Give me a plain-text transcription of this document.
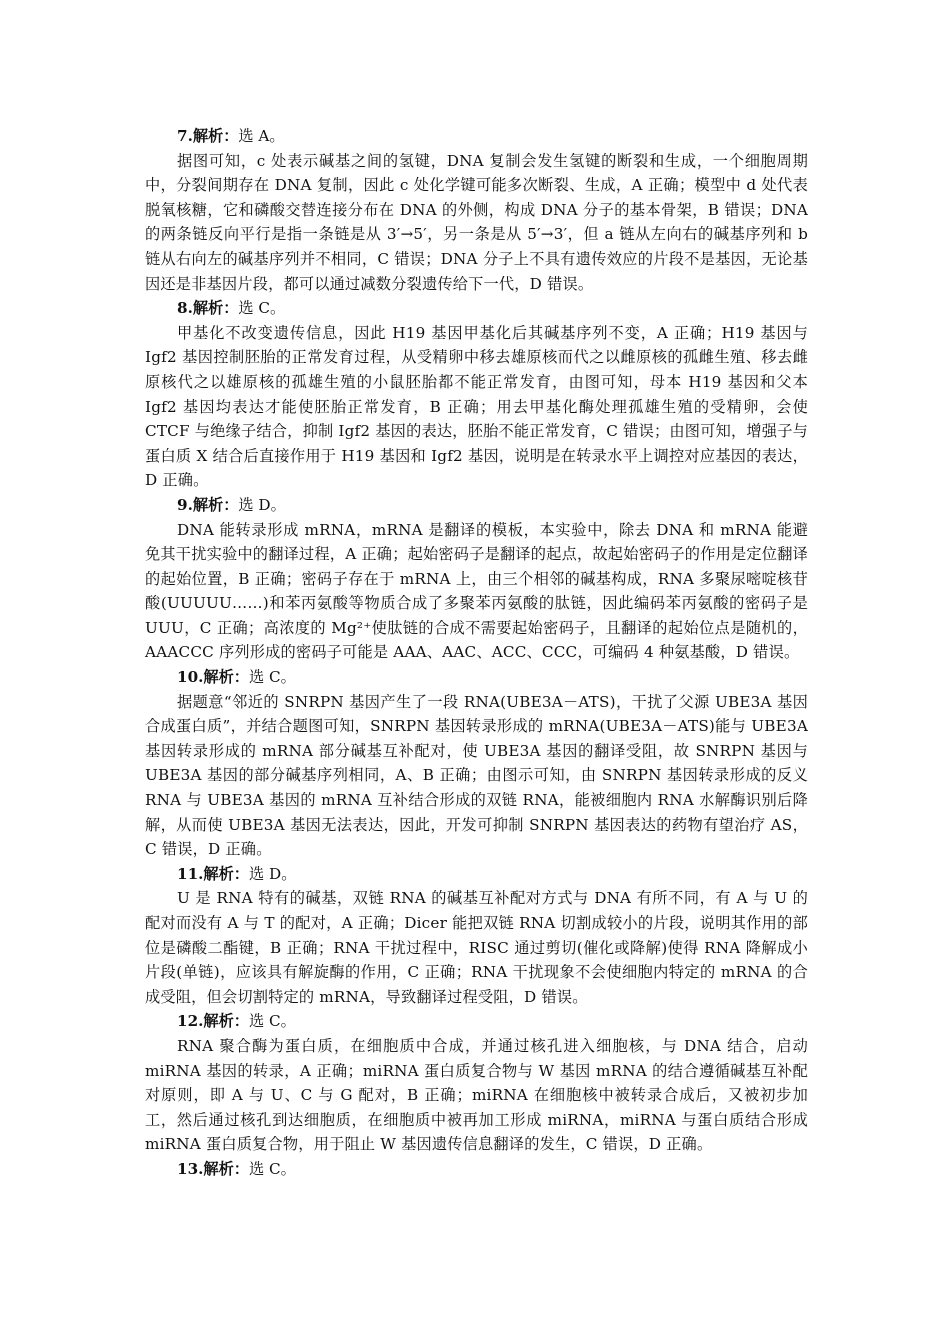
7.解析：选 A。

据图可知，c 处表示碱基之间的氢键，DNA 复制会发生氢键的断裂和生成，一个细胞周期中，分裂间期存在 DNA 复制，因此 c 处化学键可能多次断裂、生成，A 正确；模型中 d 处代表脱氧核糖，它和磷酸交替连接分布在 DNA 的外侧，构成 DNA 分子的基本骨架，B 错误；DNA 的两条链反向平行是指一条链是从 3′→5′，另一条是从 5′→3′，但 a 链从左向右的碱基序列和 b 链从右向左的碱基序列并不相同，C 错误；DNA 分子上不具有遗传效应的片段不是基因，无论基因还是非基因片段，都可以通过减数分裂遗传给下一代，D 错误。

8.解析：选 C。

甲基化不改变遗传信息，因此 H19 基因甲基化后其碱基序列不变，A 正确；H19 基因与 Igf2 基因控制胚胎的正常发育过程，从受精卵中移去雄原核而代之以雌原核的孤雌生殖、移去雌原核代之以雄原核的孤雄生殖的小鼠胚胎都不能正常发育，由图可知，母本 H19 基因和父本 Igf2 基因均表达才能使胚胎正常发育，B 正确；用去甲基化酶处理孤雄生殖的受精卵，会使 CTCF 与绝缘子结合，抑制 Igf2 基因的表达，胚胎不能正常发育，C 错误；由图可知，增强子与蛋白质 X 结合后直接作用于 H19 基因和 Igf2 基因，说明是在转录水平上调控对应基因的表达，D 正确。

9.解析：选 D。

DNA 能转录形成 mRNA，mRNA 是翻译的模板，本实验中，除去 DNA 和 mRNA 能避免其干扰实验中的翻译过程，A 正确；起始密码子是翻译的起点，故起始密码子的作用是定位翻译的起始位置，B 正确；密码子存在于 mRNA 上，由三个相邻的碱基构成，RNA 多聚尿嘧啶核苷酸(UUUUU……)和苯丙氨酸等物质合成了多聚苯丙氨酸的肽链，因此编码苯丙氨酸的密码子是 UUU，C 正确；高浓度的 Mg²⁺使肽链的合成不需要起始密码子，且翻译的起始位点是随机的，AAACCC 序列形成的密码子可能是 AAA、AAC、ACC、CCC，可编码 4 种氨基酸，D 错误。

10.解析：选 C。

据题意“邻近的 SNRPN 基因产生了一段 RNA(UBE3A－ATS)，干扰了父源 UBE3A 基因合成蛋白质”，并结合题图可知，SNRPN 基因转录形成的 mRNA(UBE3A－ATS)能与 UBE3A 基因转录形成的 mRNA 部分碱基互补配对，使 UBE3A 基因的翻译受阻，故 SNRPN 基因与 UBE3A 基因的部分碱基序列相同，A、B 正确；由图示可知，由 SNRPN 基因转录形成的反义 RNA 与 UBE3A 基因的 mRNA 互补结合形成的双链 RNA，能被细胞内 RNA 水解酶识别后降解，从而使 UBE3A 基因无法表达，因此，开发可抑制 SNRPN 基因表达的药物有望治疗 AS，C 错误，D 正确。

11.解析：选 D。

U 是 RNA 特有的碱基，双链 RNA 的碱基互补配对方式与 DNA 有所不同，有 A 与 U 的配对而没有 A 与 T 的配对，A 正确；Dicer 能把双链 RNA 切割成较小的片段，说明其作用的部位是磷酸二酯键，B 正确；RNA 干扰过程中，RISC 通过剪切(催化或降解)使得 RNA 降解成小片段(单链)，应该具有解旋酶的作用，C 正确；RNA 干扰现象不会使细胞内特定的 mRNA 的合成受阻，但会切割特定的 mRNA，导致翻译过程受阻，D 错误。

12.解析：选 C。

RNA 聚合酶为蛋白质，在细胞质中合成，并通过核孔进入细胞核，与 DNA 结合，启动 miRNA 基因的转录，A 正确；miRNA 蛋白质复合物与 W 基因 mRNA 的结合遵循碱基互补配对原则，即 A 与 U、C 与 G 配对，B 正确；miRNA 在细胞核中被转录合成后，又被初步加工，然后通过核孔到达细胞质，在细胞质中被再加工形成 miRNA，miRNA 与蛋白质结合形成 miRNA 蛋白质复合物，用于阻止 W 基因遗传信息翻译的发生，C 错误，D 正确。

13.解析：选 C。
